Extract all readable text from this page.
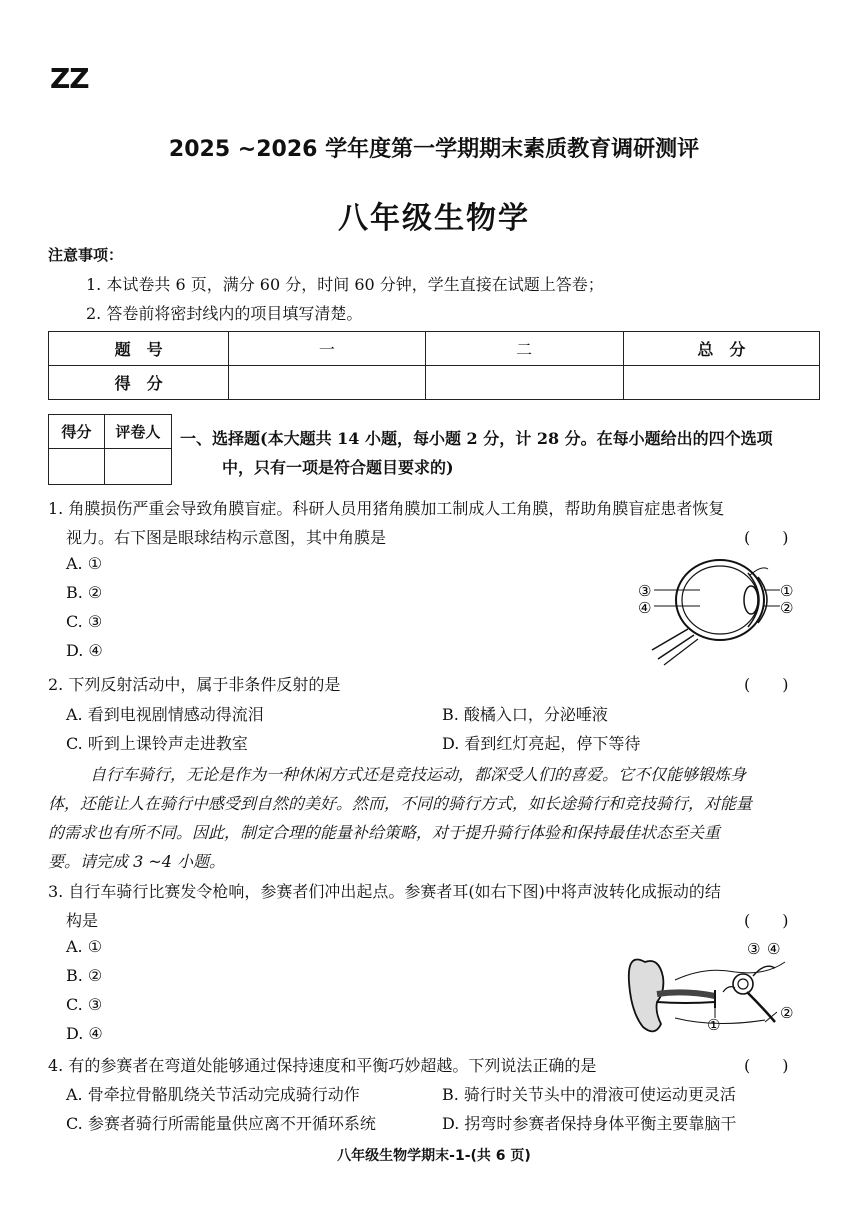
ZZ
2025 ~2026 学年度第一学期期末素质教育调研测评
八年级生物学
注意事项：
1. 本试卷共 6 页，满分 60 分，时间 60 分钟，学生直接在试题上答卷；
2. 答卷前将密封线内的项目填写清楚。
题　号	一	二	总　分
得　分			
得分	评卷人
	一、选择题(本大题共 14 小题，每小题 2 分，计 28 分。在每小题给出的四个选项
中，只有一项是符合题目要求的)
1. 角膜损伤严重会导致角膜盲症。科研人员用猪角膜加工制成人工角膜，帮助角膜盲症患者恢复
视力。右下图是眼球结构示意图，其中角膜是	(　　)
A. ①
B. ②
C. ③
D. ④
③
④
①
②
2. 下列反射活动中，属于非条件反射的是	(　　)
A. 看到电视剧情感动得流泪	B. 酸橘入口，分泌唾液
C. 听到上课铃声走进教室	D. 看到红灯亮起，停下等待
自行车骑行，无论是作为一种休闲方式还是竞技运动，都深受人们的喜爱。它不仅能够锻炼身
体，还能让人在骑行中感受到自然的美好。然而，不同的骑行方式，如长途骑行和竞技骑行，对能量
的需求也有所不同。因此，制定合理的能量补给策略，对于提升骑行体验和保持最佳状态至关重
要。请完成 3 ~4 小题。
3. 自行车骑行比赛发令枪响，参赛者们冲出起点。参赛者耳(如右下图)中将声波转化成振动的结
构是	(　　)
A. ①
B. ②
C. ③
D. ④
③ ④
①
②
4. 有的参赛者在弯道处能够通过保持速度和平衡巧妙超越。下列说法正确的是	(　　)
A. 骨牵拉骨骼肌绕关节活动完成骑行动作	B. 骑行时关节头中的滑液可使运动更灵活
C. 参赛者骑行所需能量供应离不开循环系统	D. 拐弯时参赛者保持身体平衡主要靠脑干
八年级生物学期末-1-(共 6 页)
